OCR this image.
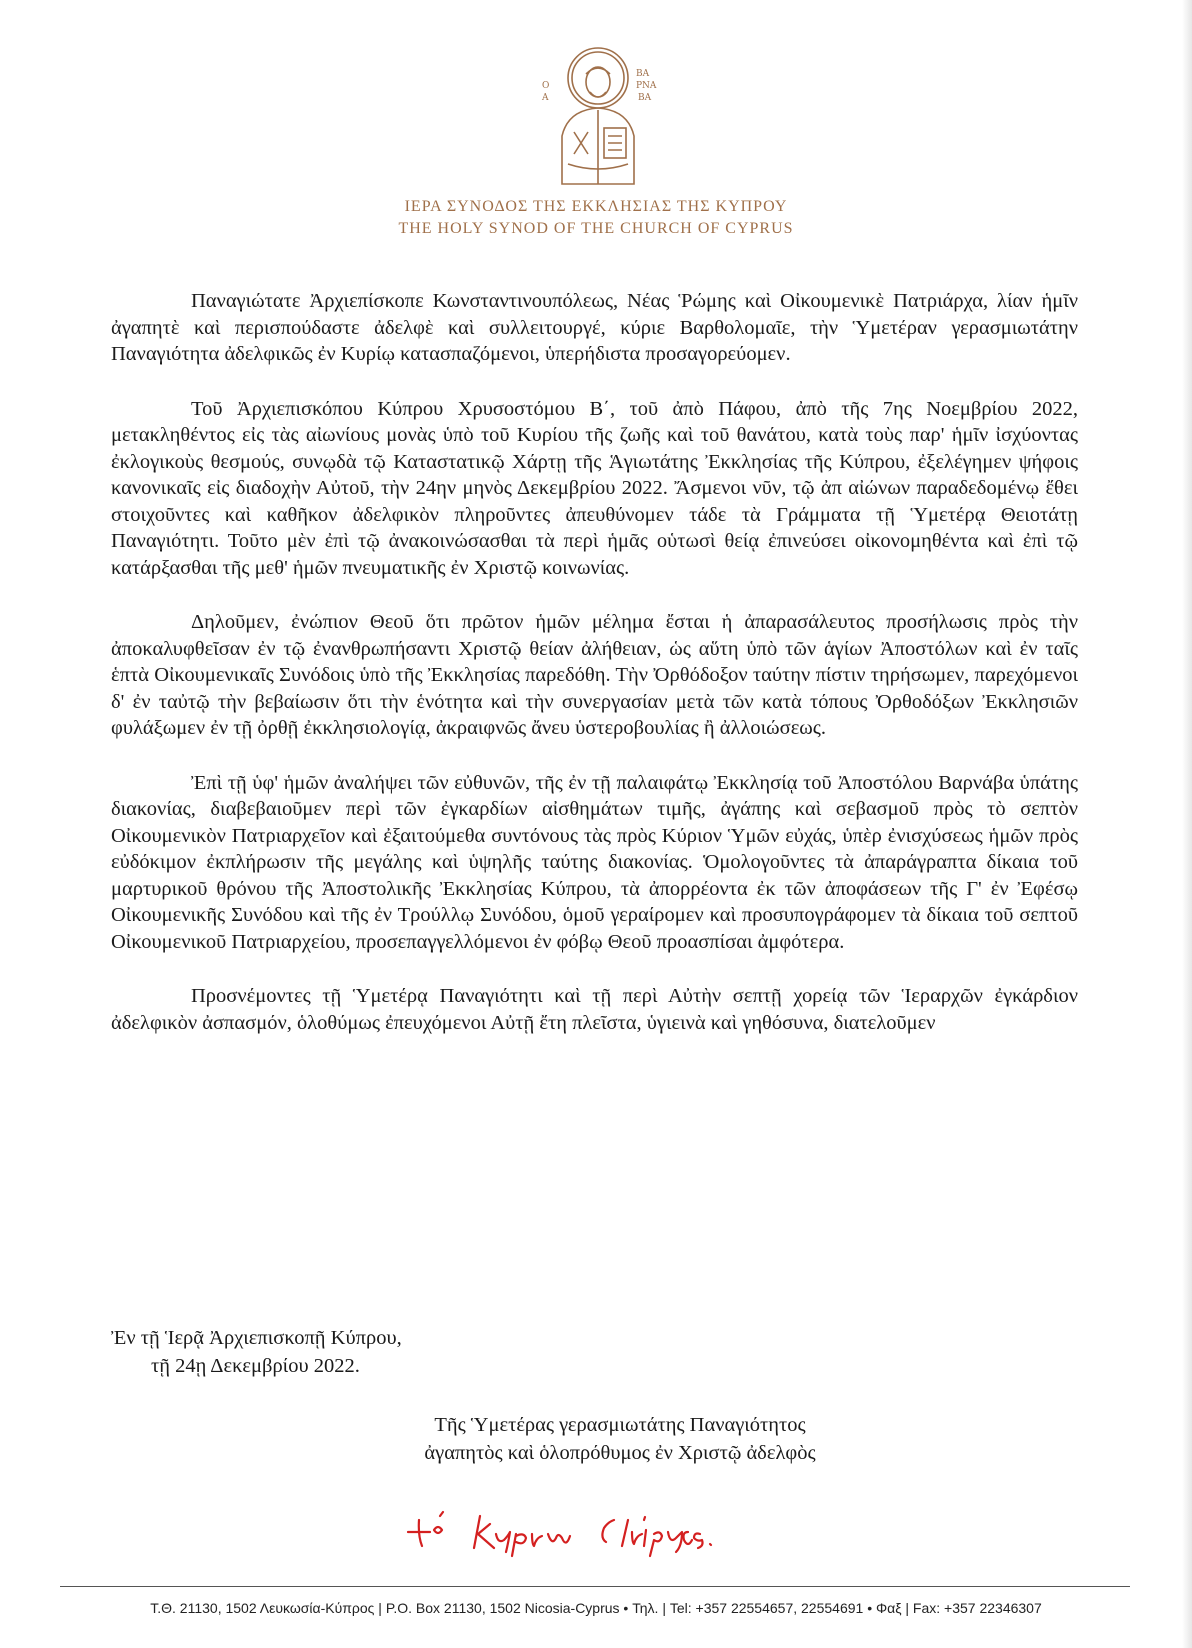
Ο
Α
ΒΑ
ΡΝΑ
ΒΑ
ΙΕΡΑ ΣΥΝΟΔΟΣ ΤΗΣ ΕΚΚΛΗΣΙΑΣ ΤΗΣ ΚΥΠΡΟΥ
THE HOLY SYNOD OF THE CHURCH OF CYPRUS

Παναγιώτατε Ἀρχιεπίσκοπε Κωνσταντινουπόλεως, Νέας Ῥώμης καὶ Οἰκουμενικὲ Πατριάρχα, λίαν ἡμῖν ἀγαπητὲ καὶ περισπούδαστε ἀδελφὲ καὶ συλλειτουργέ, κύριε Βαρθολομαῖε, τὴν Ὑμετέραν γερασμιωτάτην Παναγιότητα ἀδελφικῶς ἐν Κυρίῳ κατασπαζόμενοι, ὑπερήδιστα προσαγορεύομεν.

Τοῦ Ἀρχιεπισκόπου Κύπρου Χρυσοστόμου Β΄, τοῦ ἀπὸ Πάφου, ἀπὸ τῆς 7ης Νοεμβρίου 2022, μετακληθέντος εἰς τὰς αἰωνίους μονὰς ὑπὸ τοῦ Κυρίου τῆς ζωῆς καὶ τοῦ θανάτου, κατὰ τοὺς παρ' ἡμῖν ἰσχύοντας ἐκλογικοὺς θεσμούς, συνῳδὰ τῷ Καταστατικῷ Χάρτῃ τῆς Ἁγιωτάτης Ἐκκλησίας τῆς Κύπρου, ἐξελέγημεν ψήφοις κανονικαῖς εἰς διαδοχὴν Αὐτοῦ, τὴν 24ην μηνὸς Δεκεμβρίου 2022. Ἄσμενοι νῦν, τῷ ἀπ αἰώνων παραδεδομένῳ ἔθει στοιχοῦντες καὶ καθῆκον ἀδελφικὸν πληροῦντες ἀπευθύνομεν τάδε τὰ Γράμματα τῇ Ὑμετέρᾳ Θειοτάτῃ Παναγιότητι. Τοῦτο μὲν ἐπὶ τῷ ἀνακοινώσασθαι τὰ περὶ ἡμᾶς οὑτωσὶ θείᾳ ἐπινεύσει οἰκονομηθέντα καὶ ἐπὶ τῷ κατάρξασθαι τῆς μεθ' ἡμῶν πνευματικῆς ἐν Χριστῷ κοινωνίας.

Δηλοῦμεν, ἐνώπιον Θεοῦ ὅτι πρῶτον ἡμῶν μέλημα ἔσται ἡ ἀπαρασάλευτος προσήλωσις πρὸς τὴν ἀποκαλυφθεῖσαν ἐν τῷ ἐνανθρωπήσαντι Χριστῷ θείαν ἀλήθειαν, ὡς αὕτη ὑπὸ τῶν ἁγίων Ἀποστόλων καὶ ἐν ταῖς ἑπτὰ Οἰκουμενικαῖς Συνόδοις ὑπὸ τῆς Ἐκκλησίας παρεδόθη. Τὴν Ὀρθόδοξον ταύτην πίστιν τηρήσωμεν, παρεχόμενοι δ' ἐν ταὐτῷ τὴν βεβαίωσιν ὅτι τὴν ἑνότητα καὶ τὴν συνεργασίαν μετὰ τῶν κατὰ τόπους Ὀρθοδόξων Ἐκκλησιῶν φυλάξωμεν ἐν τῇ ὀρθῇ ἐκκλησιολογίᾳ, ἀκραιφνῶς ἄνευ ὑστεροβουλίας ἢ ἀλλοιώσεως.

Ἐπὶ τῇ ὑφ' ἡμῶν ἀναλήψει τῶν εὐθυνῶν, τῆς ἐν τῇ παλαιφάτῳ Ἐκκλησίᾳ τοῦ Ἀποστόλου Βαρνάβα ὑπάτης διακονίας, διαβεβαιοῦμεν περὶ τῶν ἐγκαρδίων αἰσθημάτων τιμῆς, ἀγάπης καὶ σεβασμοῦ πρὸς τὸ σεπτὸν Οἰκουμενικὸν Πατριαρχεῖον καὶ ἐξαιτούμεθα συντόνους τὰς πρὸς Κύριον Ὑμῶν εὐχάς, ὑπὲρ ἐνισχύσεως ἡμῶν πρὸς εὐδόκιμον ἐκπλήρωσιν τῆς μεγάλης καὶ ὑψηλῆς ταύτης διακονίας. Ὁμολογοῦντες τὰ ἀπαράγραπτα δίκαια τοῦ μαρτυρικοῦ θρόνου τῆς Ἀποστολικῆς Ἐκκλησίας Κύπρου, τὰ ἀπορρέοντα ἐκ τῶν ἀποφάσεων τῆς Γ' ἐν Ἐφέσῳ Οἰκουμενικῆς Συνόδου καὶ τῆς ἐν Τρούλλῳ Συνόδου, ὁμοῦ γεραίρομεν καὶ προσυπογράφομεν τὰ δίκαια τοῦ σεπτοῦ Οἰκουμενικοῦ Πατριαρχείου, προσεπαγγελλόμενοι ἐν φόβῳ Θεοῦ προασπίσαι ἀμφότερα.

Προσνέμοντες τῇ Ὑμετέρᾳ Παναγιότητι καὶ τῇ περὶ Αὐτὴν σεπτῇ χορείᾳ τῶν Ἱεραρχῶν ἐγκάρδιον ἀδελφικὸν ἀσπασμόν, ὁλοθύμως ἐπευχόμενοι Αὐτῇ ἔτη πλεῖστα, ὑγιεινὰ καὶ γηθόσυνα, διατελοῦμεν

Ἐν τῇ Ἱερᾷ Ἀρχιεπισκοπῇ Κύπρου,
τῇ 24ῃ Δεκεμβρίου 2022.
Τῆς Ὑμετέρας γερασμιωτάτης Παναγιότητος
ἀγαπητὸς καὶ ὁλοπρόθυμος ἐν Χριστῷ ἀδελφὸς
Τ.Θ. 21130, 1502 Λευκωσία-Κύπρος | P.O. Box 21130, 1502 Nicosia-Cyprus • Τηλ. | Tel: +357 22554657, 22554691 • Φαξ | Fax: +357 22346307
